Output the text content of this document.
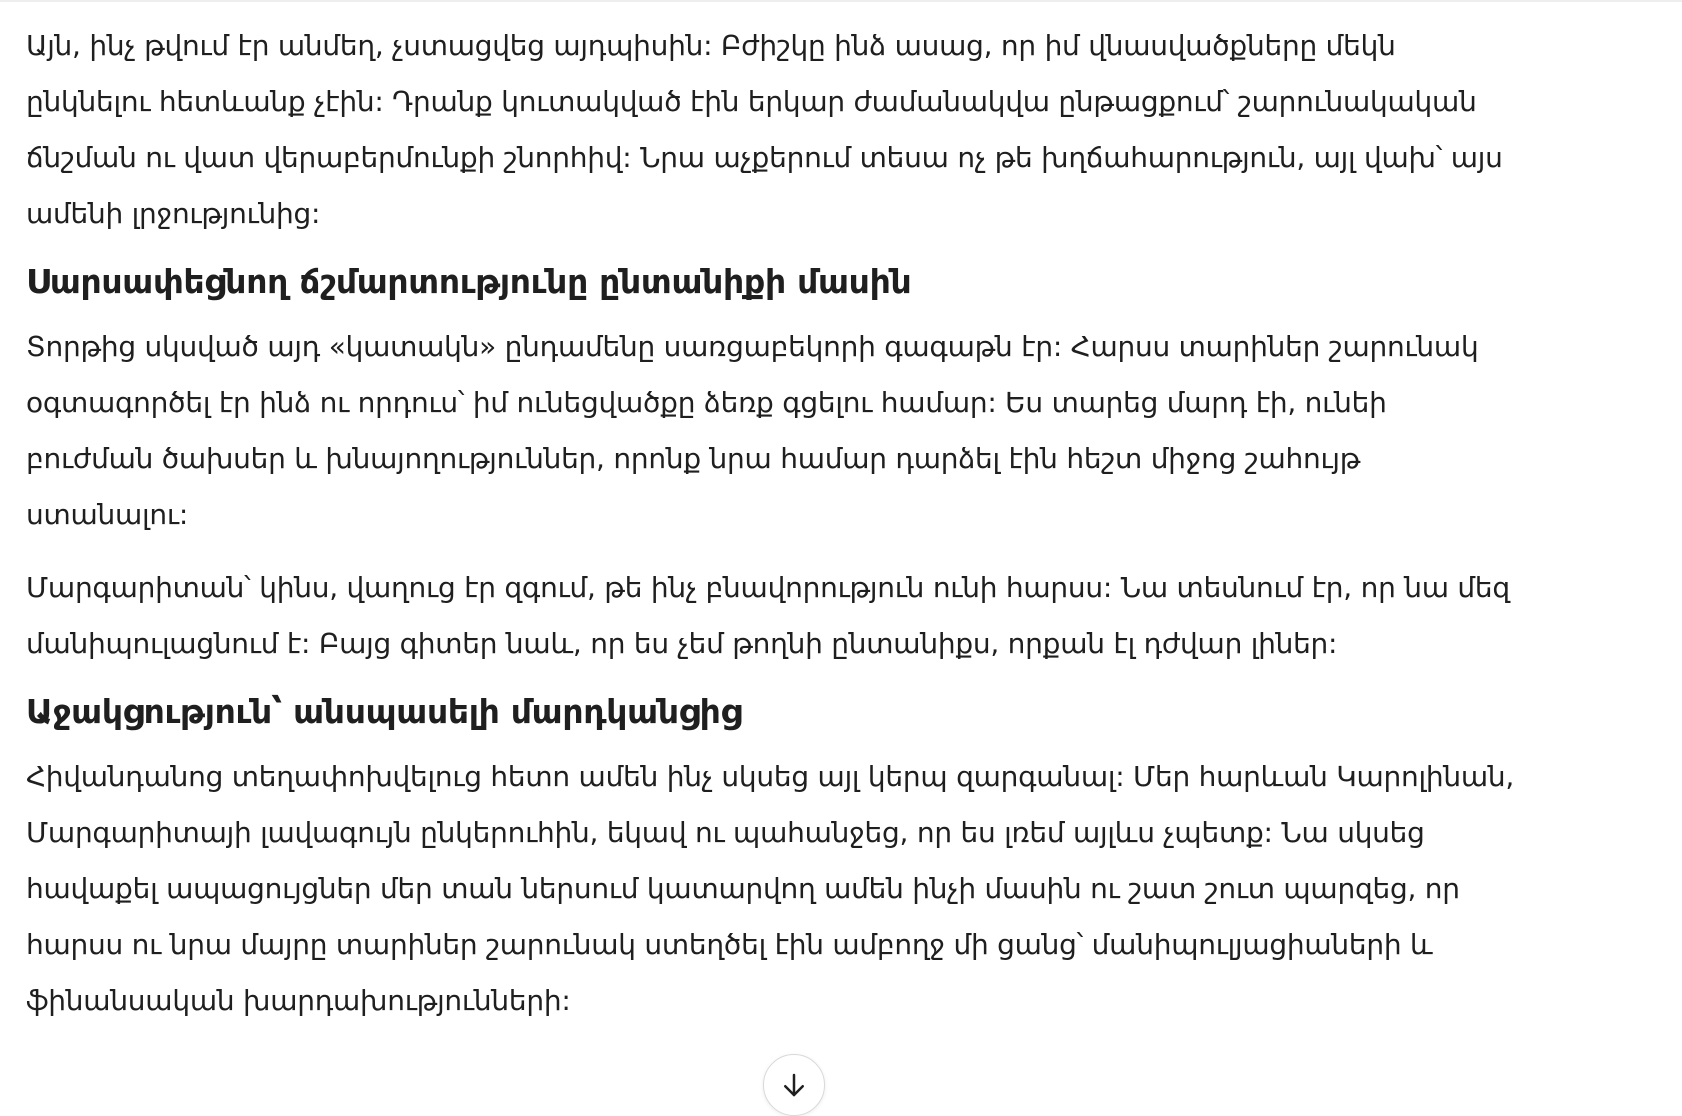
Այն, ինչ թվում էր անմեղ, չստացվեց այդպիսին: Բժիշկը ինձ ասաց, որ իմ վնասվածքները մեկն
ընկնելու հետևանք չէին: Դրանք կուտակված էին երկար ժամանակվա ընթացքում՝ շարունակական
ճնշման ու վատ վերաբերմունքի շնորհիվ: Նրա աչքերում տեսա ոչ թե խղճահարություն, այլ վախ՝ այս
ամենի լրջությունից:

Սարսափեցնող ճշմարտությունը ընտանիքի մասին

Տորթից սկսված այդ «կատակն» ընդամենը սառցաբեկորի գագաթն էր: Հարսս տարիներ շարունակ
օգտագործել էր ինձ ու որդուս՝ իմ ունեցվածքը ձեռք գցելու համար: Ես տարեց մարդ էի, ունեի
բուժման ծախսեր և խնայողություններ, որոնք նրա համար դարձել էին հեշտ միջոց շահույթ
ստանալու:

Մարգարիտան՝ կինս, վաղուց էր զգում, թե ինչ բնավորություն ունի հարսս: Նա տեսնում էր, որ նա մեզ
մանիպուլացնում է: Բայց գիտեր նաև, որ ես չեմ թողնի ընտանիքս, որքան էլ դժվար լիներ:

Աջակցություն՝ անսպասելի մարդկանցից

Հիվանդանոց տեղափոխվելուց հետո ամեն ինչ սկսեց այլ կերպ զարգանալ: Մեր հարևան Կարոլինան,
Մարգարիտայի լավագույն ընկերուհին, եկավ ու պահանջեց, որ ես լռեմ այլևս չպետք: Նա սկսեց
հավաքել ապացույցներ մեր տան ներսում կատարվող ամեն ինչի մասին ու շատ շուտ պարզեց, որ
հարսս ու նրա մայրը տարիներ շարունակ ստեղծել էին ամբողջ մի ցանց՝ մանիպուլյացիաների և
ֆինանսական խարդախությունների:
